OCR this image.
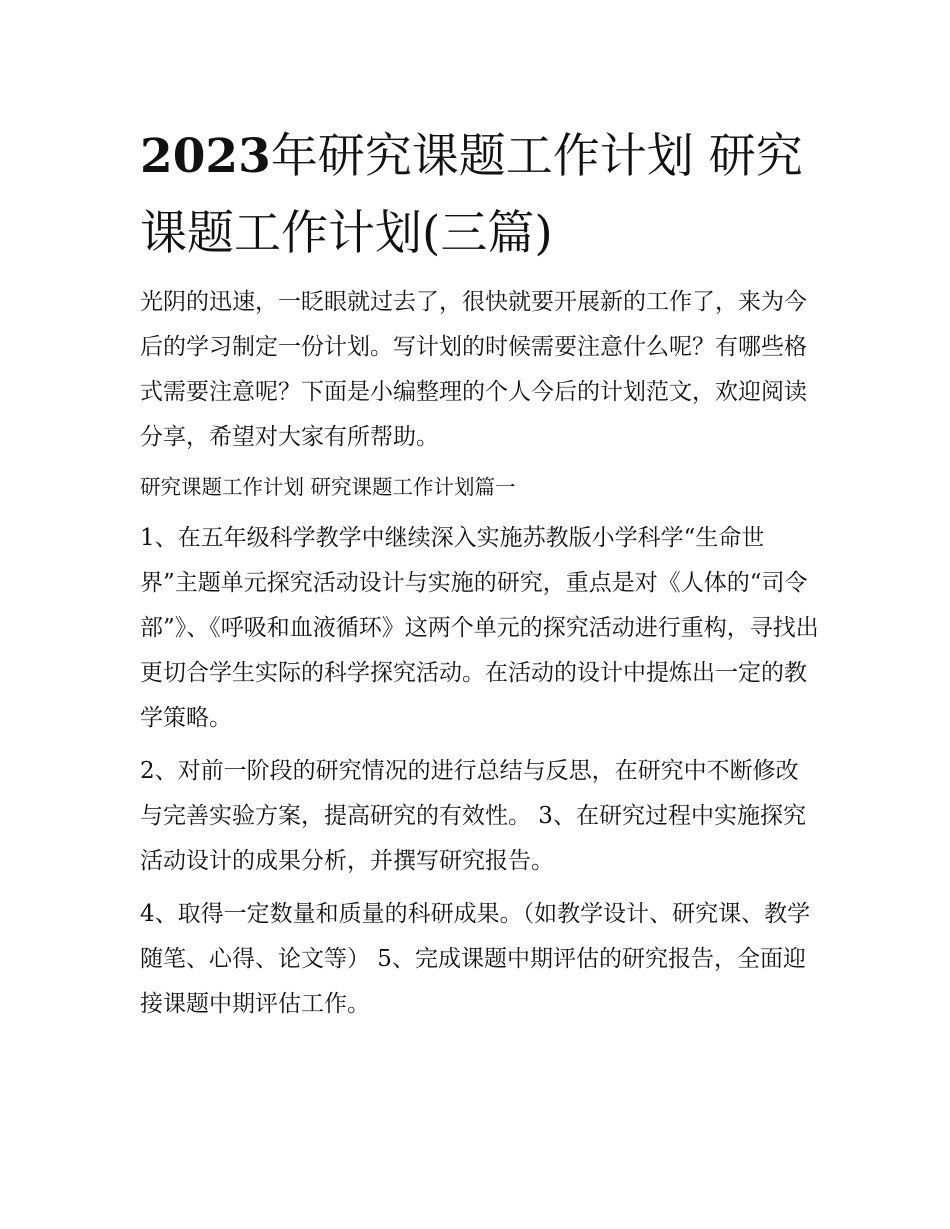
2023年研究课题工作计划 研究课题工作计划(三篇)

光阴的迅速，一眨眼就过去了，很快就要开展新的工作了，来为今后的学习制定一份计划。写计划的时候需要注意什么呢？有哪些格式需要注意呢？下面是小编整理的个人今后的计划范文，欢迎阅读分享，希望对大家有所帮助。

研究课题工作计划 研究课题工作计划篇一

1、在五年级科学教学中继续深入实施苏教版小学科学“生命世界”主题单元探究活动设计与实施的研究，重点是对《人体的“司令部”》、《呼吸和血液循环》这两个单元的探究活动进行重构，寻找出更切合学生实际的科学探究活动。在活动的设计中提炼出一定的教学策略。

2、对前一阶段的研究情况的进行总结与反思，在研究中不断修改与完善实验方案，提高研究的有效性。 3、在研究过程中实施探究活动设计的成果分析，并撰写研究报告。

4、取得一定数量和质量的科研成果。（如教学设计、研究课、教学随笔、心得、论文等） 5、完成课题中期评估的研究报告，全面迎接课题中期评估工作。
